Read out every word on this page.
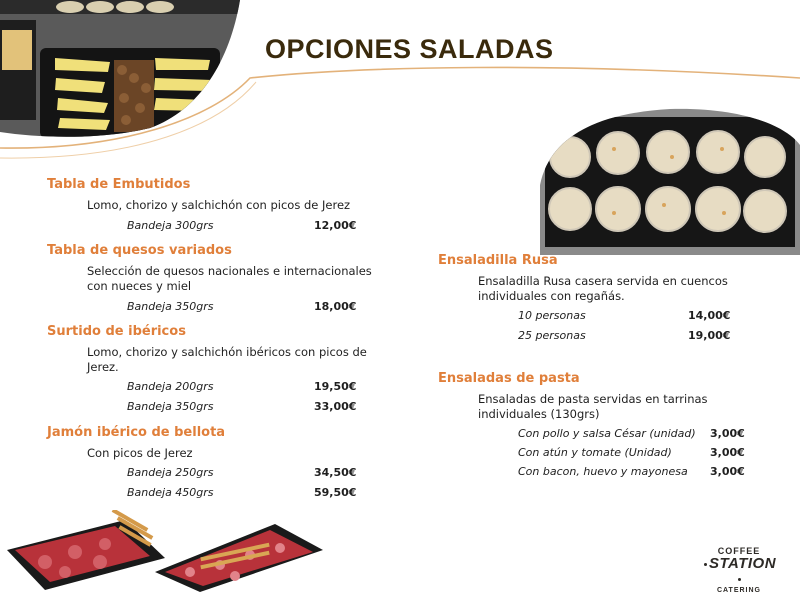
OPCIONES SALADAS
Tabla de Embutidos
Lomo, chorizo y salchichón con picos de Jerez
Bandeja 300grs	12,00€
Tabla de quesos variados
Selección de quesos nacionales e internacionales con nueces y miel
Bandeja 350grs	18,00€
Surtido de ibéricos
Lomo, chorizo y salchichón ibéricos con picos de Jerez.
Bandeja 200grs	19,50€
Bandeja 350grs	33,00€
Jamón ibérico de bellota
Con picos de Jerez
Bandeja 250grs	34,50€
Bandeja 450grs	59,50€
Ensaladilla Rusa
Ensaladilla Rusa casera servida en cuencos individuales con regañás.
10 personas	14,00€
25 personas	19,00€
Ensaladas de pasta
Ensaladas de pasta servidas en tarrinas individuales (130grs)
Con pollo y salsa César (unidad) 3,00€
Con atún y tomate (Unidad)	3,00€
Con bacon, huevo y mayonesa 3,00€
COFFEE
STATION
CATERING
